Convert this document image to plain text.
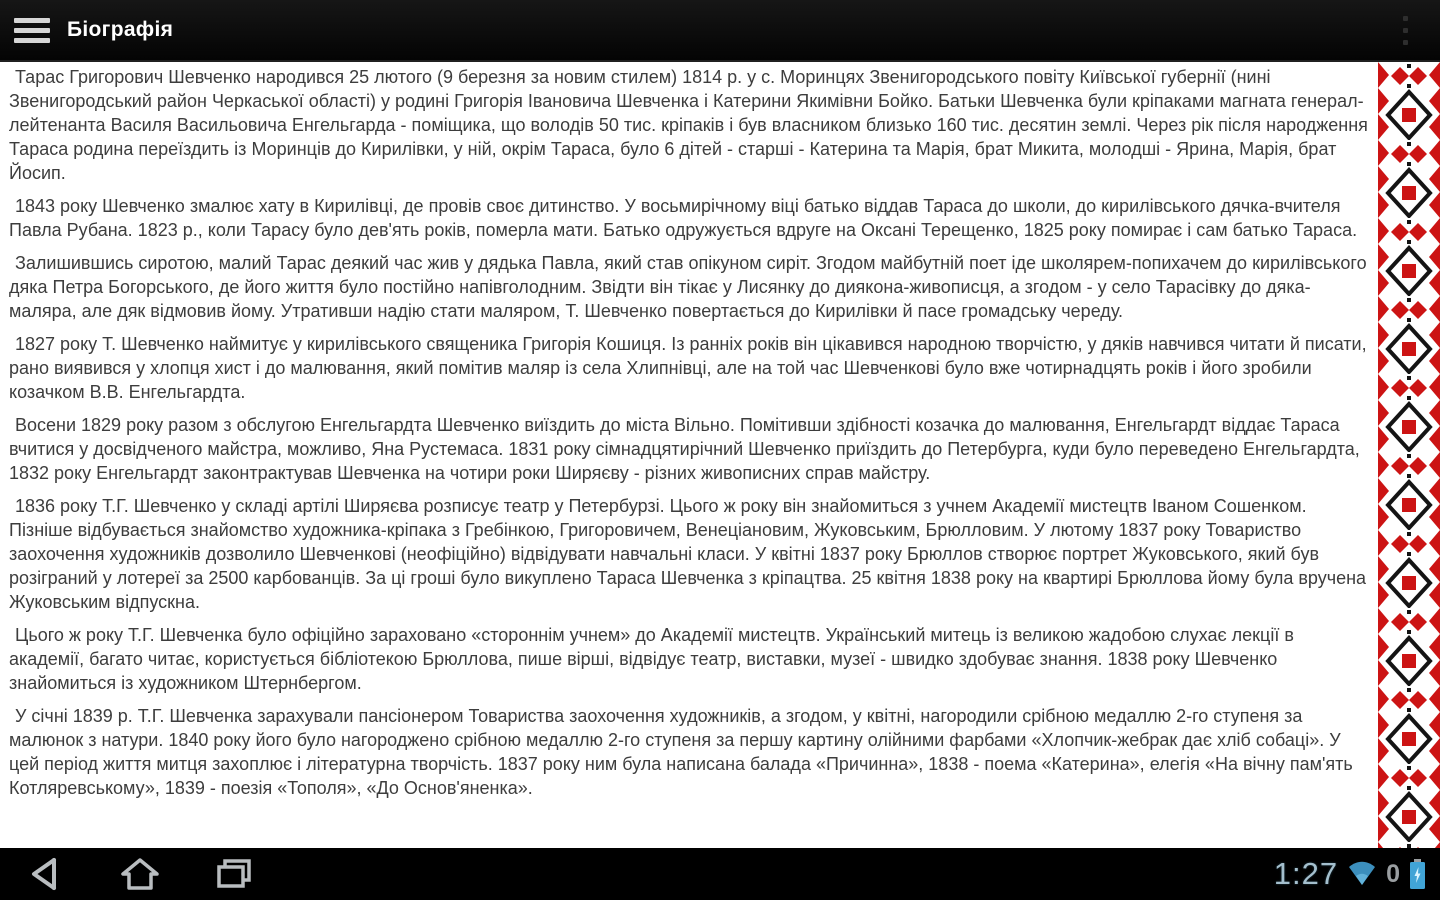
Біографія

Тарас Григорович Шевченко народився 25 лютого (9 березня за новим стилем) 1814 р. у с. Моринцях Звенигородського повіту Київської губернії (нині Звенигородський район Черкаської області) у родині Григорія Івановича Шевченка і Катерини Якимівни Бойко. Батьки Шевченка були кріпаками магната генерал-лейтенанта Василя Васильовича Енгельгарда - поміщика, що володів 50 тис. кріпаків і був власником близько 160 тис. десятин землі. Через рік після народження Тараса родина переїздить із Моринців до Кирилівки, у ній, окрім Тараса, було 6 дітей - старші - Катерина та Марія, брат Микита, молодші - Ярина, Марія, брат Йосип.

1843 року Шевченко змалює хату в Кирилівці, де провів своє дитинство. У восьмирічному віці батько віддав Тараса до школи, до кирилівського дячка-вчителя Павла Рубана. 1823 р., коли Тарасу було дев'ять років, померла мати. Батько одружується вдруге на Оксані Терещенко, 1825 року помирає і сам батько Тараса.

Залишившись сиротою, малий Тарас деякий час жив у дядька Павла, який став опікуном сиріт. Згодом майбутній поет іде школярем-попихачем до кирилівського дяка Петра Богорського, де його життя було постійно напівголодним. Звідти він тікає у Лисянку до диякона-живописця, а згодом - у село Тарасівку до дяка-маляра, але дяк відмовив йому. Утративши надію стати маляром, Т. Шевченко повертається до Кирилівки й пасе громадську череду.

1827 року Т. Шевченко наймитує у кирилівського священика Григорія Кошиця. Із ранніх років він цікавився народною творчістю, у дяків навчився читати й писати, рано виявився у хлопця хист і до малювання, який помітив маляр із села Хлипнівці, але на той час Шевченкові було вже чотирнадцять років і його зробили козачком В.В. Енгельгардта.

Восени 1829 року разом з обслугою Енгельгардта Шевченко виїздить до міста Вільно. Помітивши здібності козачка до малювання, Енгельгардт віддає Тараса вчитися у досвідченого майстра, можливо, Яна Рустемаса. 1831 року сімнадцятирічний Шевченко приїздить до Петербурга, куди було переведено Енгельгардта, 1832 року Енгельгардт законтрактував Шевченка на чотири роки Ширяєву - різних живописних справ майстру.

1836 року Т.Г. Шевченко у складі артілі Ширяєва розписує театр у Петербурзі. Цього ж року він знайомиться з учнем Академії мистецтв Іваном Сошенком. Пізніше відбувається знайомство художника-кріпака з Гребінкою, Григоровичем, Венеціановим, Жуковським, Брюлловим. У лютому 1837 року Товариство заохочення художників дозволило Шевченкові (неофіційно) відвідувати навчальні класи. У квітні 1837 року Брюллов створює портрет Жуковського, який був розіграний у лотереї за 2500 карбованців. За ці гроші було викуплено Тараса Шевченка з кріпацтва. 25 квітня 1838 року на квартирі Брюллова йому була вручена Жуковським відпускна.

Цього ж року Т.Г. Шевченка було офіційно зараховано «стороннім учнем» до Академії мистецтв. Український митець із великою жадобою слухає лекції в академії, багато читає, користується бібліотекою Брюллова, пише вірші, відвідує театр, виставки, музеї - швидко здобуває знання. 1838 року Шевченко знайомиться із художником Штернбергом.

У січні 1839 р. Т.Г. Шевченка зарахували пансіонером Товариства заохочення художників, а згодом, у квітні, нагородили срібною медаллю 2-го ступеня за малюнок з натури. 1840 року його було нагороджено срібною медаллю 2-го ступеня за першу картину олійними фарбами «Хлопчик-жебрак дає хліб собаці». У цей період життя митця захоплює і літературна творчість. 1837 року ним була написана балада «Причинна», 1838 - поема «Катерина», елегія «На вічну пам'ять Котляревському», 1839 - поезія «Тополя», «До Основ'яненка».

1:27 0
